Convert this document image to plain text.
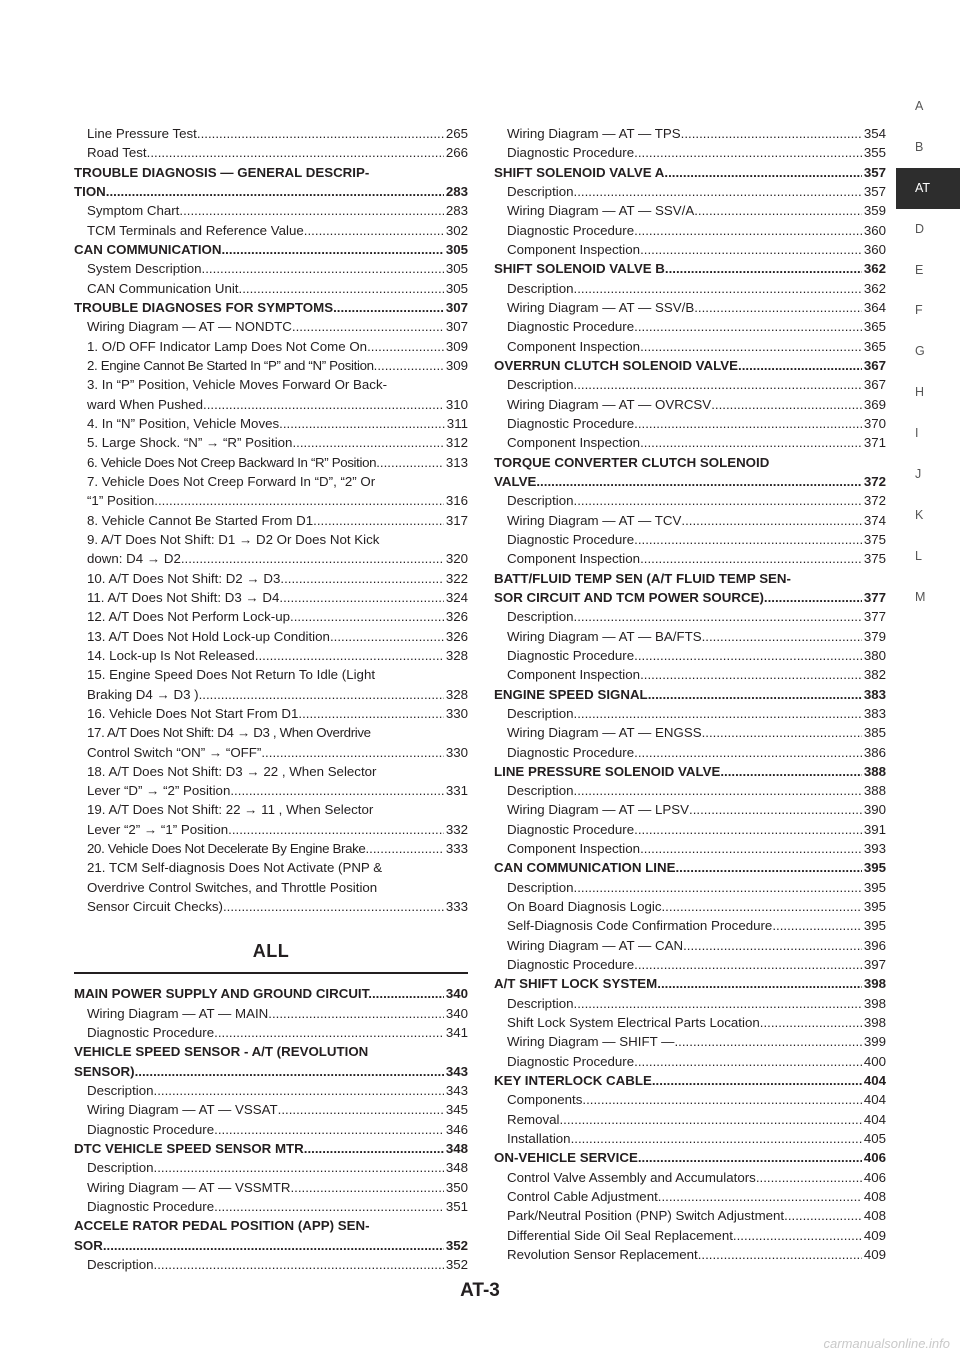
Line Pressure Test .....	265
Road Test .....	266
TROUBLE DIAGNOSIS — GENERAL DESCRIP-
TION .....	283
Symptom Chart .....	283
TCM Terminals and Reference Value .....	302
CAN COMMUNICATION .....	305
System Description .....	305
CAN Communication Unit .....	305
TROUBLE DIAGNOSES FOR SYMPTOMS .....	307
Wiring Diagram — AT — NONDTC .....	307
1. O/D OFF Indicator Lamp Does Not Come On .....	309
2. Engine Cannot Be Started In “P” and “N” Position .....	309
3. In “P” Position, Vehicle Moves Forward Or Back-
ward When Pushed .....	310
4. In “N” Position, Vehicle Moves .....	311
5. Large Shock. “N” → “R” Position .....	312
6. Vehicle Does Not Creep Backward In “R” Position .....	313
7. Vehicle Does Not Creep Forward In “D”, “2” Or
“1” Position .....	316
8. Vehicle Cannot Be Started From D1 .....	317
9. A/T Does Not Shift: D1 → D2 Or Does Not Kick
down: D4 → D2 .....	320
10. A/T Does Not Shift: D2 → D3 .....	322
11. A/T Does Not Shift: D3 → D4 .....	324
12. A/T Does Not Perform Lock-up .....	326
13. A/T Does Not Hold Lock-up Condition .....	326
14. Lock-up Is Not Released .....	328
15. Engine Speed Does Not Return To Idle (Light
Braking D4 → D3 ) .....	328
16. Vehicle Does Not Start From D1 .....	330
17. A/T Does Not Shift: D4 → D3 , When Overdrive
Control Switch “ON” → “OFF” .....	330
18. A/T Does Not Shift: D3 → 22 , When Selector
Lever “D” → “2” Position .....	331
19. A/T Does Not Shift: 22 → 11 , When Selector
Lever “2” → “1” Position .....	332
20. Vehicle Does Not Decelerate By Engine Brake .....	333
21. TCM Self-diagnosis Does Not Activate (PNP &
Overdrive Control Switches, and Throttle Position
Sensor Circuit Checks) .....	333
ALL
MAIN POWER SUPPLY AND GROUND CIRCUIT. .....	340
Wiring Diagram — AT — MAIN .....	340
Diagnostic Procedure .....	341
VEHICLE SPEED SENSOR - A/T (REVOLUTION
SENSOR) .....	343
Description .....	343
Wiring Diagram — AT — VSSAT .....	345
Diagnostic Procedure .....	346
DTC VEHICLE SPEED SENSOR MTR .....	348
Description .....	348
Wiring Diagram — AT — VSSMTR .....	350
Diagnostic Procedure .....	351
ACCELE RATOR PEDAL POSITION (APP) SEN-
SOR .....	352
Description .....	352
Wiring Diagram — AT — TPS .....	354
Diagnostic Procedure .....	355
SHIFT SOLENOID VALVE A .....	357
Description .....	357
Wiring Diagram — AT — SSV/A .....	359
Diagnostic Procedure .....	360
Component Inspection .....	360
SHIFT SOLENOID VALVE B .....	362
Description .....	362
Wiring Diagram — AT — SSV/B .....	364
Diagnostic Procedure .....	365
Component Inspection .....	365
OVERRUN CLUTCH SOLENOID VALVE .....	367
Description .....	367
Wiring Diagram — AT — OVRCSV .....	369
Diagnostic Procedure .....	370
Component Inspection .....	371
TORQUE CONVERTER CLUTCH SOLENOID
VALVE .....	372
Description .....	372
Wiring Diagram — AT — TCV .....	374
Diagnostic Procedure .....	375
Component Inspection .....	375
BATT/FLUID TEMP SEN (A/T FLUID TEMP SEN-
SOR CIRCUIT AND TCM POWER SOURCE) .....	377
Description .....	377
Wiring Diagram — AT — BA/FTS .....	379
Diagnostic Procedure .....	380
Component Inspection .....	382
ENGINE SPEED SIGNAL .....	383
Description .....	383
Wiring Diagram — AT — ENGSS .....	385
Diagnostic Procedure .....	386
LINE PRESSURE SOLENOID VALVE .....	388
Description .....	388
Wiring Diagram — AT — LPSV .....	390
Diagnostic Procedure .....	391
Component Inspection .....	393
CAN COMMUNICATION LINE .....	395
Description .....	395
On Board Diagnosis Logic .....	395
Self-Diagnosis Code Confirmation Procedure .....	395
Wiring Diagram — AT — CAN .....	396
Diagnostic Procedure .....	397
A/T SHIFT LOCK SYSTEM .....	398
Description .....	398
Shift Lock System Electrical Parts Location .....	398
Wiring Diagram — SHIFT — .....	399
Diagnostic Procedure .....	400
KEY INTERLOCK CABLE .....	404
Components .....	404
Removal .....	404
Installation .....	405
ON-VEHICLE SERVICE .....	406
Control Valve Assembly and Accumulators .....	406
Control Cable Adjustment .....	408
Park/Neutral Position (PNP) Switch Adjustment .....	408
Differential Side Oil Seal Replacement .....	409
Revolution Sensor Replacement .....	409
A
B
AT
D
E
F
G
H
I
J
K
L
M
AT-3
carmanualsonline.info
